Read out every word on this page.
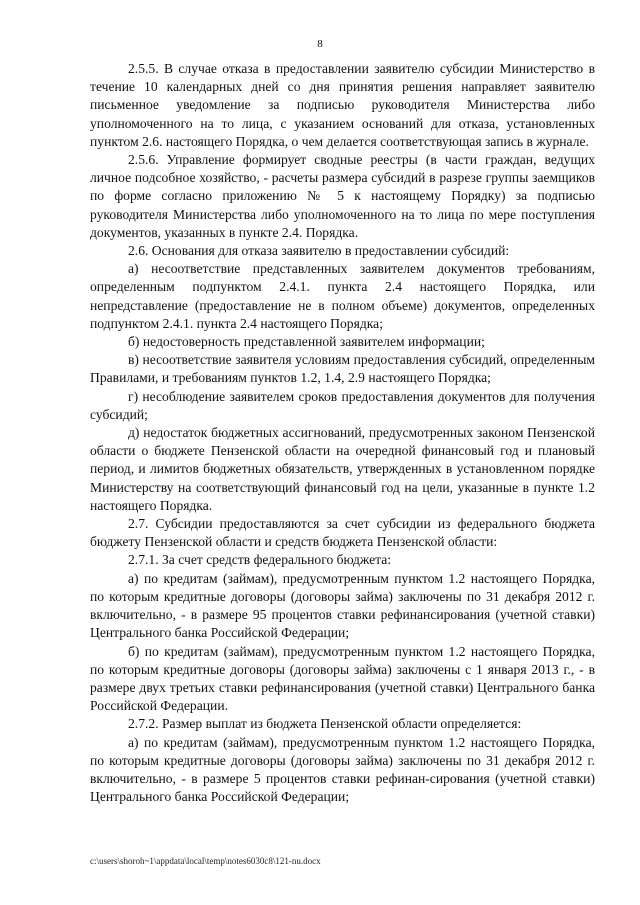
8

2.5.5. В случае отказа в предоставлении заявителю субсидии Министерство в течение 10 календарных дней со дня принятия решения направляет заявителю письменное уведомление за подписью руководителя Министерства либо уполномоченного на то лица, с указанием оснований для отказа, установленных пунктом 2.6. настоящего Порядка, о чем делается соответствующая запись в журнале.

2.5.6. Управление формирует сводные реестры (в части граждан, ведущих личное подсобное хозяйство, - расчеты размера субсидий в разрезе группы заемщиков по форме согласно приложению № 5 к настоящему Порядку) за подписью руководителя Министерства либо уполномоченного на то лица по мере поступления документов, указанных в пункте 2.4. Порядка.

2.6. Основания для отказа заявителю в предоставлении субсидий:

а) несоответствие представленных заявителем документов требованиям, определенным подпунктом 2.4.1. пункта 2.4 настоящего Порядка, или непредставление (предоставление не в полном объеме) документов, определенных подпунктом 2.4.1. пункта 2.4 настоящего Порядка;

б) недостоверность представленной заявителем информации;

в) несоответствие заявителя условиям предоставления субсидий, определенным Правилами, и требованиям пунктов 1.2, 1.4, 2.9 настоящего Порядка;

г) несоблюдение заявителем сроков предоставления документов для получения субсидий;

д) недостаток бюджетных ассигнований, предусмотренных законом Пензенской области о бюджете Пензенской области на очередной финансовый год и плановый период, и лимитов бюджетных обязательств, утвержденных в установленном порядке Министерству на соответствующий финансовый год на цели, указанные в пункте 1.2 настоящего Порядка.

2.7. Субсидии предоставляются за счет субсидии из федерального бюджета бюджету Пензенской области и средств бюджета Пензенской области:

2.7.1. За счет средств федерального бюджета:

а) по кредитам (займам), предусмотренным пунктом 1.2 настоящего Порядка, по которым кредитные договоры (договоры займа) заключены по 31 декабря 2012 г. включительно, - в размере 95 процентов ставки рефинансирования (учетной ставки) Центрального банка Российской Федерации;

б) по кредитам (займам), предусмотренным пунктом 1.2 настоящего Порядка, по которым кредитные договоры (договоры займа) заключены с 1 января 2013 г., - в размере двух третьих ставки рефинансирования (учетной ставки) Центрального банка Российской Федерации.

2.7.2. Размер выплат из бюджета Пензенской области определяется:

а) по кредитам (займам), предусмотренным пунктом 1.2 настоящего Порядка, по которым кредитные договоры (договоры займа) заключены по 31 декабря 2012 г. включительно, - в размере 5 процентов ставки рефинан-сирования (учетной ставки) Центрального банка Российской Федерации;

c:\users\shoroh~1\appdata\local\temp\notes6030c8\121-nu.docx
